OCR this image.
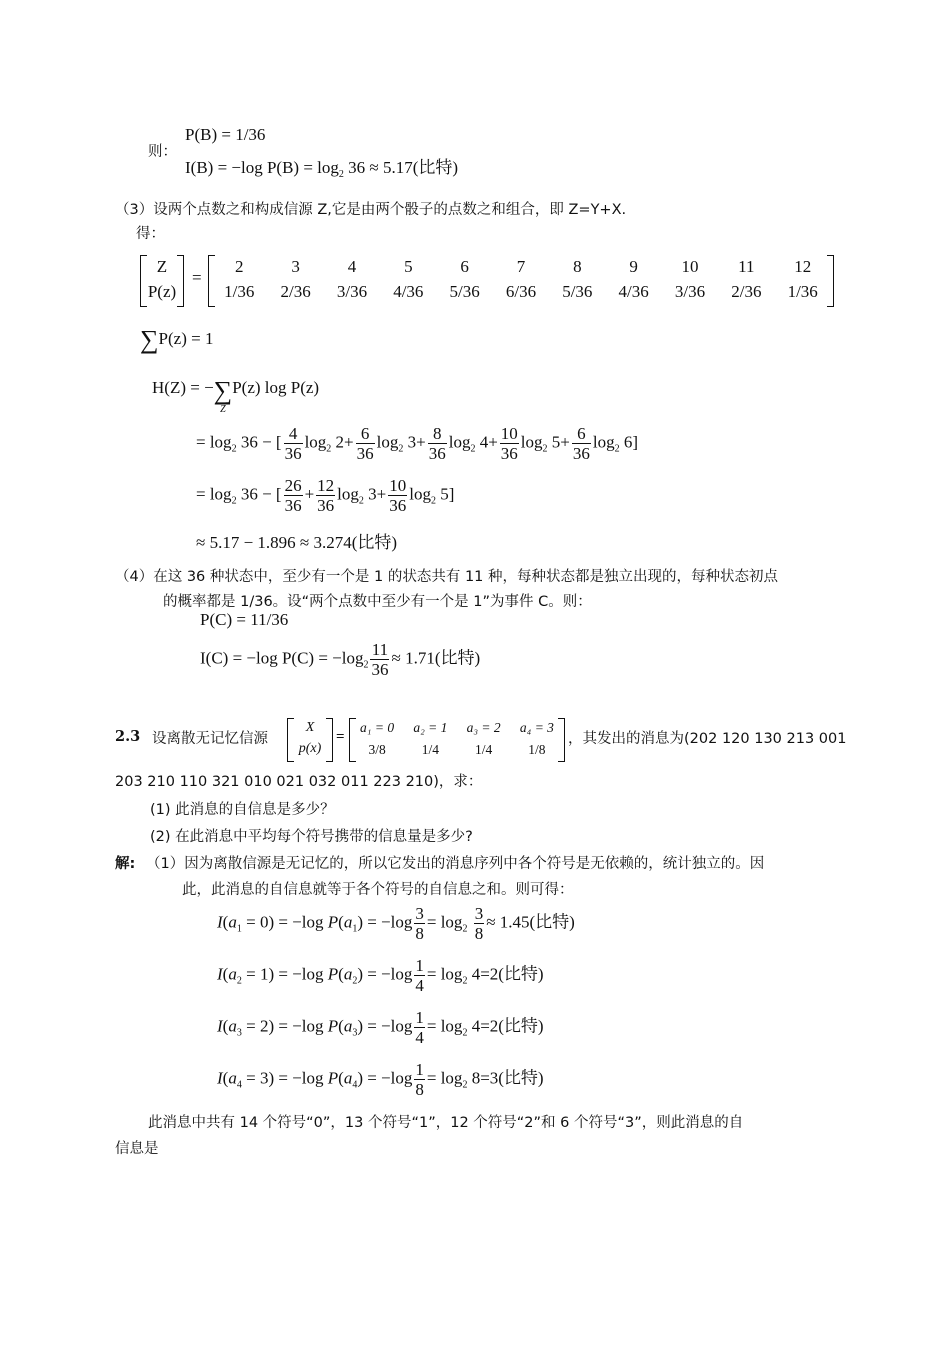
则：
P(B) = 1/36
I(B) = −log $P(B) = \log_2 36 \approx 5.17$(比特)
（3）设两个点数之和构成信源 Z,它是由两个骰子的点数之和组合，即 Z=Y+X.
得：
Z
P(z)
=
2	3	4	5	6	7	8	9	10 11 12
1/36 2/36 3/36 4/36 5/36 6/36 5/36 4/36 3/36 2/36 1/36
∑P(z) = 1
H(Z) = − ∑
Z
P(z) log P(z)
= $\log_2 36$ − [ $\frac{4}{36} \log_2 2+ \frac{6}{36} \log_2 3+ \frac{8}{36} \log_2 4+ \frac{10}{36} \log_2 5+ \frac{6}{36} \log_2 6$]
= $\log_2 36$ − [ $\frac{26}{36} + \frac{12}{36} \log_2 3+ \frac{10}{36} \log_2 5$]
≈ 5.17 − 1.896 ≈ 3.274(比特)
（4）在这 36 种状态中，至少有一个是 1 的状态共有 11 种，每种状态都是独立出现的，每种状态初点
的概率都是 1/36。设“两个点数中至少有一个是 1”为事件 C。则：
P(C) = 11/36
I(C) = −log $P(C) = -\log_2 \frac{11}{36} \approx 1.71$(比特)
2.3 设离散无记忆信源
X
p(x)
=
a₁ = 0 a₂ = 1 a₃ = 2 a₄ = 3
3/8	1/4	1/4	1/8
，其发出的消息为(202 120 130 213 001
203 210 110 321 010 021 032 011 223 210)，求：
(1) 此消息的自信息是多少？
(2) 在此消息中平均每个符号携带的信息量是多少?
解: （1）因为离散信源是无记忆的，所以它发出的消息序列中各个符号是无依赖的，统计独立的。因
此，此消息的自信息就等于各个符号的自信息之和。则可得：
$I(a_1 = 0) = -\log$ $P(a_1) = -\log \frac{3}{8} = \log_2 \frac{3}{8} \approx 1.45$(比特)
$I(a_2 = 1) = -\log$ $P(a_2) = -\log \frac{1}{4} = \log_2 4=2$(比特)
$I(a_3 = 2) = -\log$ $P(a_3) = -\log \frac{1}{4} = \log_2 4=2$(比特)
$I(a_4 = 3) = -\log$ $P(a_4) = -\log \frac{1}{8} = \log_2 8=3$(比特)
此消息中共有 14 个符号“0”，13 个符号“1”，12 个符号“2”和 6 个符号“3”，则此消息的自
信息是
